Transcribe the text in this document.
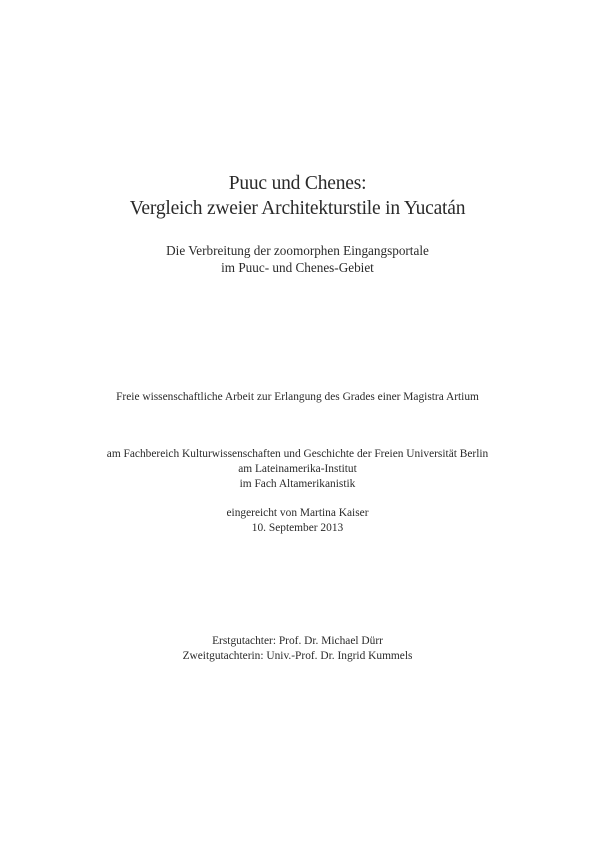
Puuc und Chenes:
Vergleich zweier Architekturstile in Yucatán

Die Verbreitung der zoomorphen Eingangsportale

im Puuc- und Chenes-Gebiet

Freie wissenschaftliche Arbeit zur Erlangung des Grades einer Magistra Artium

am Fachbereich Kulturwissenschaften und Geschichte der Freien Universität Berlin

am Lateinamerika-Institut

im Fach Altamerikanistik

eingereicht von Martina Kaiser

10. September 2013

Erstgutachter: Prof. Dr. Michael Dürr

Zweitgutachterin: Univ.-Prof. Dr. Ingrid Kummels
